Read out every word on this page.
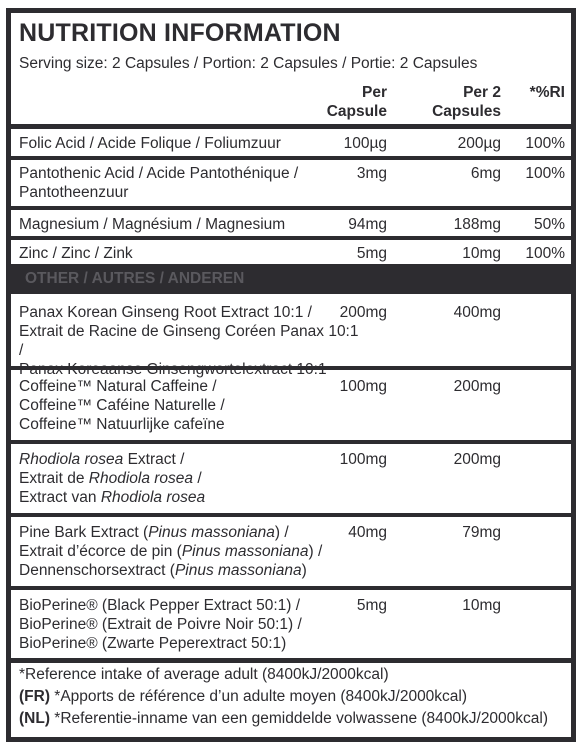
NUTRITION INFORMATION
Serving size: 2 Capsules / Portion: 2 Capsules / Portie: 2 Capsules
Per
Capsule
Per 2
Capsules
*%RI
Folic Acid / Acide Folique / Foliumzuur	100µg	200µg 100%
Pantothenic Acid / Acide Pantothénique /
Pantotheenzuur
3mg	6mg 100%
Magnesium / Magnésium / Magnesium	94mg	188mg 50%
Zinc / Zinc / Zink	5mg	10mg 100%
OTHER / AUTRES / ANDEREN
Panax Korean Ginseng Root Extract 10:1 /
Extrait de Racine de Ginseng Coréen Panax 10:1 /
200mg	400mg
Coffeine™ Natural Caffeine /
Coffeine™ Caféine Naturelle /
Coffeine™ Natuurlijke cafeïne
100mg	200mg
Rhodiola rosea Extract /
Extrait de Rhodiola rosea /
Extract van Rhodiola rosea
100mg	200mg
Pine Bark Extract (Pinus massoniana) /
Extrait d’écorce de pin (Pinus massoniana) /
Dennenschorsextract (Pinus massoniana)
40mg	79mg
BioPerine® (Black Pepper Extract 50:1) /
BioPerine® (Extrait de Poivre Noir 50:1) /
BioPerine® (Zwarte Peperextract 50:1)
5mg	10mg
*Reference intake of average adult (8400kJ/2000kcal)
(FR) *Apports de référence d’un adulte moyen (8400kJ/2000kcal)
(NL) *Referentie-inname van een gemiddelde volwassene (8400kJ/2000kcal)
